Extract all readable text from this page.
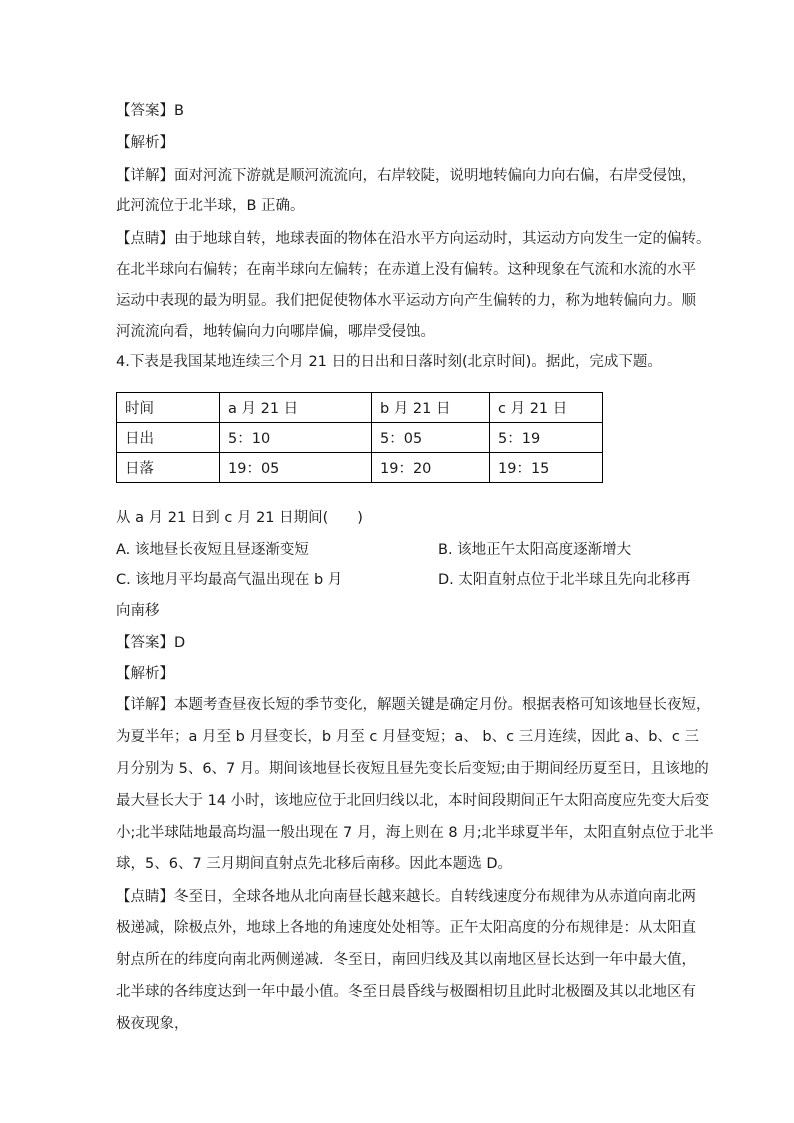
【答案】B
【解析】
【详解】面对河流下游就是顺河流流向，右岸较陡，说明地转偏向力向右偏，右岸受侵蚀，
此河流位于北半球，B 正确。
【点睛】由于地球自转，地球表面的物体在沿水平方向运动时，其运动方向发生一定的偏转。
在北半球向右偏转；在南半球向左偏转；在赤道上没有偏转。这种现象在气流和水流的水平
运动中表现的最为明显。我们把促使物体水平运动方向产生偏转的力，称为地转偏向力。顺
河流流向看，地转偏向力向哪岸偏，哪岸受侵蚀。
4.下表是我国某地连续三个月 21 日的日出和日落时刻(北京时间)。据此，完成下题。
时间	a 月 21 日	b 月 21 日	c 月 21 日
日出	5：10	5：05	5：19
日落	19：05	19：20	19：15
从 a 月 21 日到 c 月 21 日期间(　　)
A. 该地昼长夜短且昼逐渐变短	B. 该地正午太阳高度逐渐增大
C. 该地月平均最高气温出现在 b 月	D. 太阳直射点位于北半球且先向北移再
向南移
【答案】D
【解析】
【详解】本题考查昼夜长短的季节变化，解题关键是确定月份。根据表格可知该地昼长夜短，
为夏半年；a 月至 b 月昼变长，b 月至 c 月昼变短；a、 b、c 三月连续，因此 a、b、c 三
月分别为 5、6、7 月。期间该地昼长夜短且昼先变长后变短;由于期间经历夏至日，且该地的
最大昼长大于 14 小时，该地应位于北回归线以北，本时间段期间正午太阳高度应先变大后变
小;北半球陆地最高均温一般出现在 7 月，海上则在 8 月;北半球夏半年，太阳直射点位于北半
球，5、6、7 三月期间直射点先北移后南移。因此本题选 D。
【点睛】冬至日，全球各地从北向南昼长越来越长。自转线速度分布规律为从赤道向南北两
极递减，除极点外，地球上各地的角速度处处相等。正午太阳高度的分布规律是：从太阳直
射点所在的纬度向南北两侧递减．冬至日，南回归线及其以南地区昼长达到一年中最大值，
北半球的各纬度达到一年中最小值。冬至日晨昏线与极圈相切且此时北极圈及其以北地区有
极夜现象，
